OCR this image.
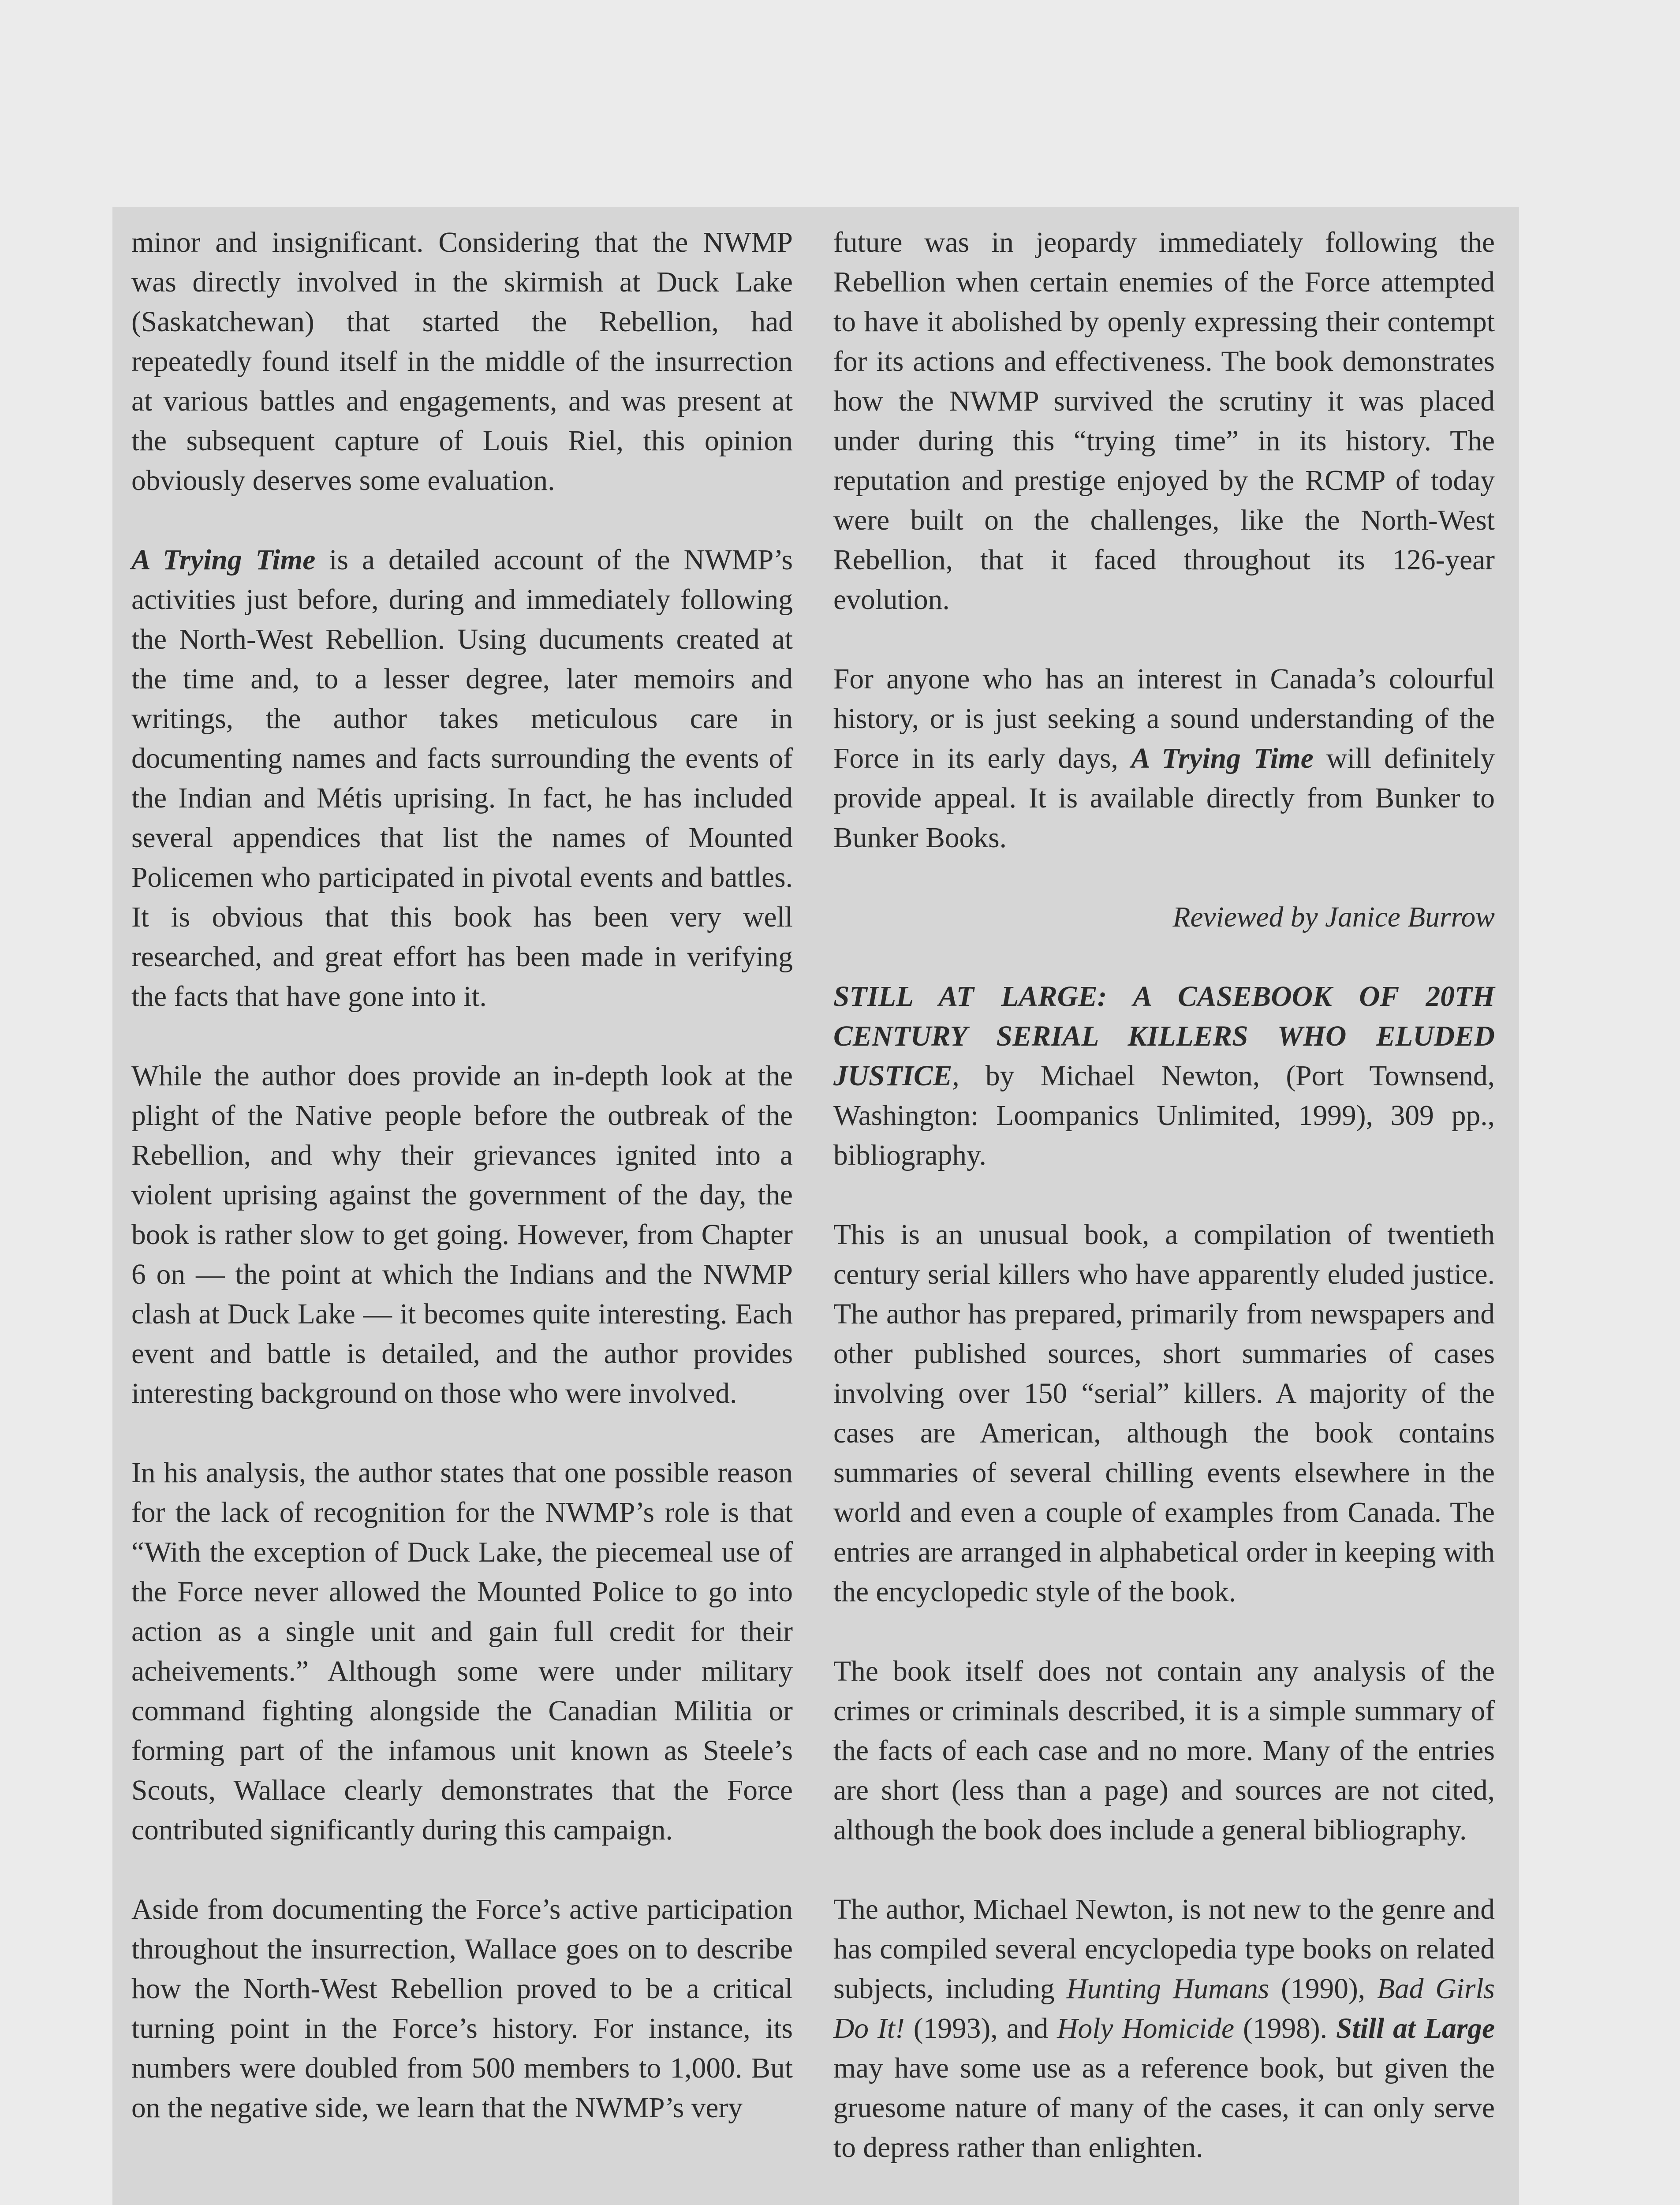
minor and insignificant. Considering that the NWMP was directly involved in the skirmish at Duck Lake (Saskatchewan) that started the Rebellion, had repeatedly found itself in the middle of the insurrection at various battles and engagements, and was present at the subsequent capture of Louis Riel, this opinion obviously deserves some evaluation.

A Trying Time is a detailed account of the NWMP’s activities just before, during and immediately following the North-West Rebellion. Using ducuments created at the time and, to a lesser degree, later memoirs and writings, the author takes meticulous care in documenting names and facts surrounding the events of the Indian and Métis uprising. In fact, he has included several appendices that list the names of Mounted Policemen who participated in pivotal events and battles. It is obvious that this book has been very well researched, and great effort has been made in verifying the facts that have gone into it.

While the author does provide an in-depth look at the plight of the Native people before the outbreak of the Rebellion, and why their grievances ignited into a violent uprising against the government of the day, the book is rather slow to get going. However, from Chapter 6 on — the point at which the Indians and the NWMP clash at Duck Lake — it becomes quite interesting. Each event and battle is detailed, and the author provides interesting background on those who were involved.

In his analysis, the author states that one possible reason for the lack of recognition for the NWMP’s role is that “With the exception of Duck Lake, the piecemeal use of the Force never allowed the Mounted Police to go into action as a single unit and gain full credit for their acheivements.” Although some were under military command fighting alongside the Canadian Militia or forming part of the infamous unit known as Steele’s Scouts, Wallace clearly demonstrates that the Force contributed significantly during this campaign.

Aside from documenting the Force’s active participation throughout the insurrection, Wallace goes on to describe how the North-West Rebellion proved to be a critical turning point in the Force’s history. For instance, its numbers were doubled from 500 members to 1,000. But on the negative side, we learn that the NWMP’s very

future was in jeopardy immediately following the Rebellion when certain enemies of the Force attempted to have it abolished by openly expressing their contempt for its actions and effectiveness. The book demonstrates how the NWMP survived the scrutiny it was placed under during this “trying time” in its history. The reputation and prestige enjoyed by the RCMP of today were built on the challenges, like the North-West Rebellion, that it faced throughout its 126-year evolution.

For anyone who has an interest in Canada’s colourful history, or is just seeking a sound understanding of the Force in its early days, A Trying Time will definitely provide appeal. It is available directly from Bunker to Bunker Books.

Reviewed by Janice Burrow

STILL AT LARGE: A CASEBOOK OF 20TH CENTURY SERIAL KILLERS WHO ELUDED JUSTICE, by Michael Newton, (Port Townsend, Washington: Loompanics Unlimited, 1999), 309 pp., bibliography.

This is an unusual book, a compilation of twentieth century serial killers who have apparently eluded justice. The author has prepared, primarily from newspapers and other published sources, short summaries of cases involving over 150 “serial” killers. A majority of the cases are American, although the book contains summaries of several chilling events elsewhere in the world and even a couple of examples from Canada. The entries are arranged in alphabetical order in keeping with the encyclopedic style of the book.

The book itself does not contain any analysis of the crimes or criminals described, it is a simple summary of the facts of each case and no more. Many of the entries are short (less than a page) and sources are not cited, although the book does include a general bibliography.

The author, Michael Newton, is not new to the genre and has compiled several encyclopedia type books on related subjects, including Hunting Humans (1990), Bad Girls Do It! (1993), and Holy Homicide (1998). Still at Large may have some use as a reference book, but given the gruesome nature of many of the cases, it can only serve to depress rather than enlighten.
